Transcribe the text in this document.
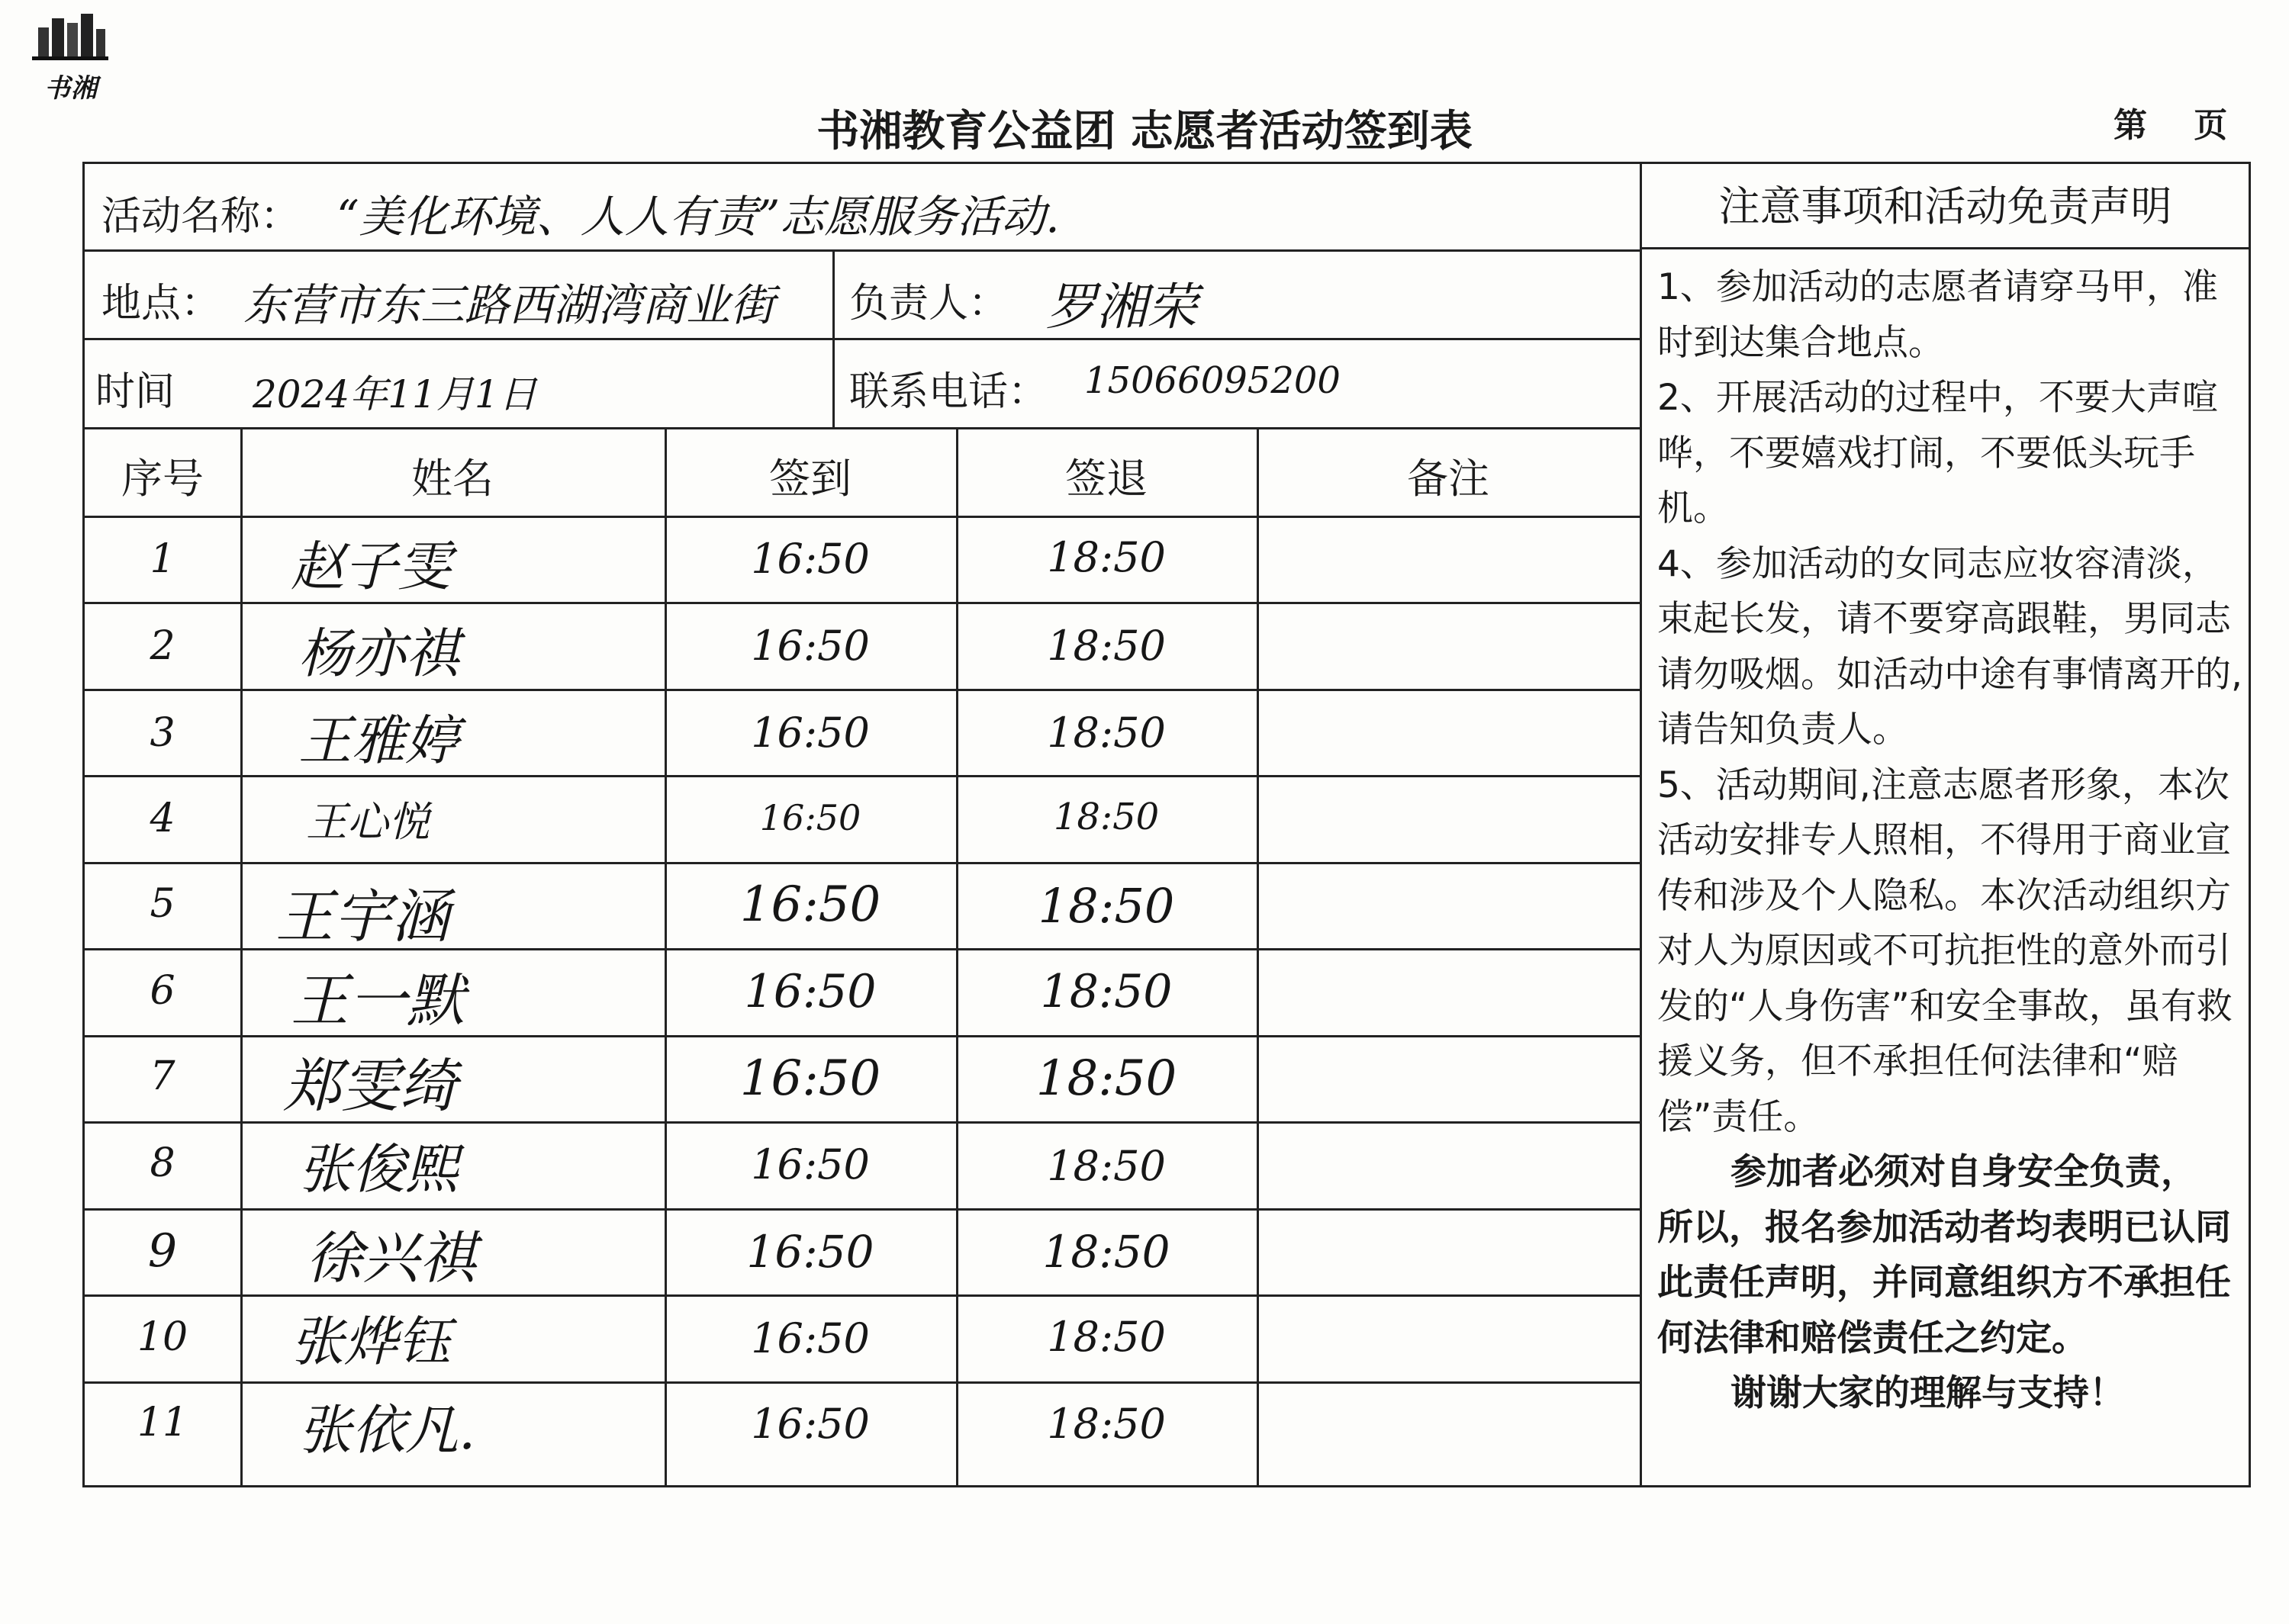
书湘
书湘教育公益团 志愿者活动签到表	第    页
活动名称： “美化环境、人人有责”志愿服务活动.
地点： 东营市东三路西湖湾商业街 负责人： 罗湘荣
时间 2024年11月1日	联系电话： 15066095200
序号	姓名	签到	签退	备注
1	赵子雯	16:50	18:50
2	杨亦祺	16:50	18:50
3	王雅婷	16:50	18:50
4	王心悦	16:50	18:50
5	王宇涵	16:50	18:50
6	王一默	16:50	18:50
7	郑雯绮	16:50	18:50
8	张俊熙	16:50	18:50
9	徐兴祺	16:50	18:50
10	张烨钰	16:50	18:50
11	张依凡.	16:50	18:50
注意事项和活动免责声明

1、参加活动的志愿者请穿马甲，准时到达集合地点。

2、开展活动的过程中，不要大声喧哗，不要嬉戏打闹，不要低头玩手机。

4、参加活动的女同志应妆容清淡，束起长发，请不要穿高跟鞋，男同志请勿吸烟。如活动中途有事情离开的,请告知负责人。

5、活动期间,注意志愿者形象，本次活动安排专人照相，不得用于商业宣传和涉及个人隐私。本次活动组织方对人为原因或不可抗拒性的意外而引发的“人身伤害”和安全事故，虽有救援义务，但不承担任何法律和“赔偿”责任。

参加者必须对自身安全负责，

所以，报名参加活动者均表明已认同此责任声明，并同意组织方不承担任何法律和赔偿责任之约定。

谢谢大家的理解与支持！
